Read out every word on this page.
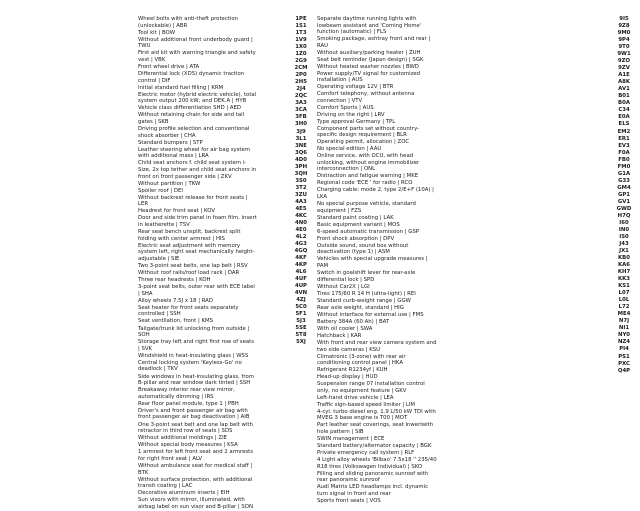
Wheel bolts with anti-theft protection
(unlockable) | ABR
Tool kit | BOW
Without additional front underbody guard |
TWU
First aid kit with warning triangle and safety
vest | VBK
Front wheel drive | ATA
Differential lock (XDS) dynamic traction
control | DIF
Initial standard fuel filling | KRM
Electric motor (hybrid electric vehicle), total
system output 200 kW, and DEK.A | HYB
Vehicle class differentiation SHD | AED
Without retaining chain for side and tail
gates | SKB
Driving profile selection and conventional
shock absorber | CHA
Standard bumpers | STP
Leather steering wheel for air bag system
with additional mass | LRA
Child seat anchors f. child seat system i-
Size, 2x top tether and child seat anchors in
front on front passenger side | ZKV
Without partition | TKW
Spoiler roof | DEI
Without backrest release for front seats |
LER
Headrest for front seat | KOV
Door and side trim panel in foam film, insert
in leatherette | TSV
Rear seat bench unsplit, backrest split
folding with center armrest | HIS
Electric seat adjustment with memory
system left, right seat mechanically height-
adjustable | SIE
Two 3-point seat belts, one lap belt | RSV
Without roof rails/roof load rack | DAR
Three rear headrests | KOH
3-point seat belts, outer rear with ECE label
| SHA
Alloy wheels 7.5J x 18 | RAD
Seat heater for front seats separately
controlled | SSH
Seat ventilation, front | KMS
Tailgate/trunk lid unlocking from outside |
SOH
Storage tray left and right first row of seats
| SVK
Windshield in heat-insulating glass | WSS
Central locking system 'Keyless-Go' no
deadlock | TKV
Side windows in heat-insulating glass, from
B-pillar and rear window dark tinted | SSH
Breakaway interior rear view mirror,
automatically dimming | IRS
Rear floor panel module, type 1 | PBH
Driver's and front passenger air bag with
front passenger air bag deactivation | AIB
One 3-point seat belt and one lap belt with
retractor in third row of seats | SDS
Without additional moldings | ZIE
Without special body measures | KSA
1 armrest for left front seat and 2 armrests
for right front seat | ALV
Without ambulance seat for medical staff |
BTK
Without surface protection, with additional
transit coating | LAC
Decorative aluminum inserts | EIH
Sun visors with mirror, illuminated, with
airbag label on sun visor and B-pillar | SON
1PE
1S1
1T3
1V9
1X0
1Z0
2G9
2CM
2P0
2H5
2J4
2QC
3A3
3CA
3FB
3H0
3J9
3L1
3NE
3Q6
4D0
3PH
3QH
3S0
3T2
3ZU
4A3
4E5
4KC
4N0
4E0
4L2
4G3
4GQ
4KF
4KP
4L6
4UF
4UP
4VN
4ZJ
5C0
5F1
5J3
5SE
5T8
5XJ
Separate daytime running lights with
lowbeam assistant and 'Coming Home'
function (automatic) | FLS
Smoking package, ashtray front and rear |
RAU
Without auxiliary/parking heater | ZUH
Seat belt reminder (Japan design) | SGK
Without heated washer nozzles | BWD
Power supply/TV signal for customized
installation | AUS
Operating voltage 12V | BTR
Comfort telephony, without antenna
connection | VTV
Comfort Sports | AUS
Driving on the right | LRV
Type approval Germany | TPL
Component parts set without country-
specific design requirement | BLR
Operating permit, allocation | ZOC
No special edition | AAU
Online service, with OCU, with head
unlocking, without engine immobilizer
interconnection | ONL
Distraction and fatigue warning | MKE
Regional code 'ECE ' for radio | RCO
Charging cable: mode 2, type 2/E+F (10A) |
LKA
No special purpose vehicle, standard
equipment | FZS
Standard paint coating | LAK
Basic equipment variant | MOS
6-speed automatic transmission | GSP
Front shock absorption | DPV
Outside sound, sound box without
deactivation (type 1) | ASM
Vehicles with special upgrade measures |
PAM
Switch in goalshift lever for rear-axle
differential lock | SPD
Without Car2X | LGI
Tires 175/60 R 14 H (ultra-light) | REI
Standard curb-weight range | GGW
Rear axle weight, standard | HIG
Without interface for external use | FMS
Battery 384A (60 Ah) | BAT
With oil cooler | SWA
Hatchback | KAR
With front and rear view camera system and
two side cameras | KSU
Climatronic (3-zone) with rear air
conditioning control panel | HKA
Refrigerant R1234yf | KUH
Head-up display | HUD
Suspension range 07 installation control
only, no equipment feature | GKV
Left-hand drive vehicle | LEA
Traffic sign-based speed limiter | LIM
4-cyl. turbo diesel eng. 1.9 L/50 kW TDI with
MVEG 3 base engine is T00 | MOT
Part leather seat coverings, seat inwerlwith
hole pattern | SIB
SWIN management | ECE
Standard battery/alternator capacity | BGK
Private emergency call system | RLF
4 Light alloy wheels 'Bilbao' 7.5x18 '' 235/40
R18 tires (Volkswagen Individual) | SKO
Filling and sliding panoramic sunroof with
rear panoramic sunroof
Audi Matrix LED headlamps incl. dynamic
turn signal in front and rear
Sports front seats | VOS
9I5
9Z8
9M0
9P4
9T0
9W1
9ZO
9ZV
A1E
A8K
AV1
B01
B0A
C34
E0A
ELS
EM2
ER1
EV3
F0A
FB0
FM0
G1A
G33
GM4
GP1
GV1
GWD
H7Q
I60
IN0
IS0
J43
JX1
KB0
KA6
KH7
KK3
KS1
L07
L0L
L72
ME4
N7J
NI1
NY0
NZ4
PI4
PS1
PXC
Q4P
